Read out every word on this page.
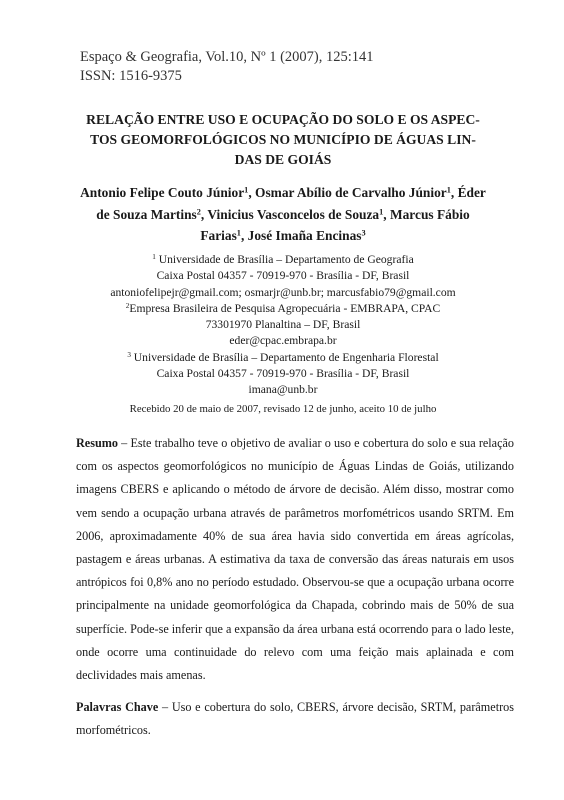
Espaço & Geografia, Vol.10, Nº 1 (2007), 125:141
ISSN: 1516-9375
RELAÇÃO ENTRE USO E OCUPAÇÃO DO SOLO E OS ASPEC-
TOS GEOMORFOLÓGICOS NO MUNICÍPIO DE ÁGUAS LIN-
DAS DE GOIÁS
Antonio Felipe Couto Júnior$^1$, Osmar Abílio de Carvalho Júnior$^1$, Éder de Souza Martins$^2$, Vinicius Vasconcelos de Souza$^1$, Marcus Fábio Farias$^1$, José Imaña Encinas$^3$
$^1$ Universidade de Brasília – Departamento de Geografia
Caixa Postal 04357 - 70919-970 - Brasília - DF, Brasil
antoniofelipejr@gmail.com; osmarjr@unb.br; marcusfabio79@gmail.com
$^2$Empresa Brasileira de Pesquisa Agropecuária - EMBRAPA, CPAC
73301970 Planaltina – DF, Brasil
eder@cpac.embrapa.br
$^3$ Universidade de Brasília – Departamento de Engenharia Florestal
Caixa Postal 04357 - 70919-970 - Brasília - DF, Brasil
imana@unb.br
Recebido 20 de maio de 2007, revisado 12 de junho, aceito 10 de julho
Resumo – Este trabalho teve o objetivo de avaliar o uso e cobertura do solo e sua relação com os aspectos geomorfológicos no município de Águas Lindas de Goiás, utilizando imagens CBERS e aplicando o método de árvore de decisão. Além disso, mostrar como vem sendo a ocupação urbana através de parâmetros morfométricos usando SRTM. Em 2006, aproximadamente 40% de sua área havia sido convertida em áreas agrícolas, pastagem e áreas urbanas. A estimativa da taxa de conversão das áreas naturais em usos antrópicos foi 0,8% ano no período estudado. Observou-se que a ocupação urbana ocorre principalmente na unidade geomorfológica da Chapada, cobrindo mais de 50% de sua superfície. Pode-se inferir que a expansão da área urbana está ocorrendo para o lado leste, onde ocorre uma continuidade do relevo com uma feição mais aplainada e com declividades mais amenas.
Palavras Chave – Uso e cobertura do solo, CBERS, árvore decisão, SRTM, parâmetros morfométricos.
